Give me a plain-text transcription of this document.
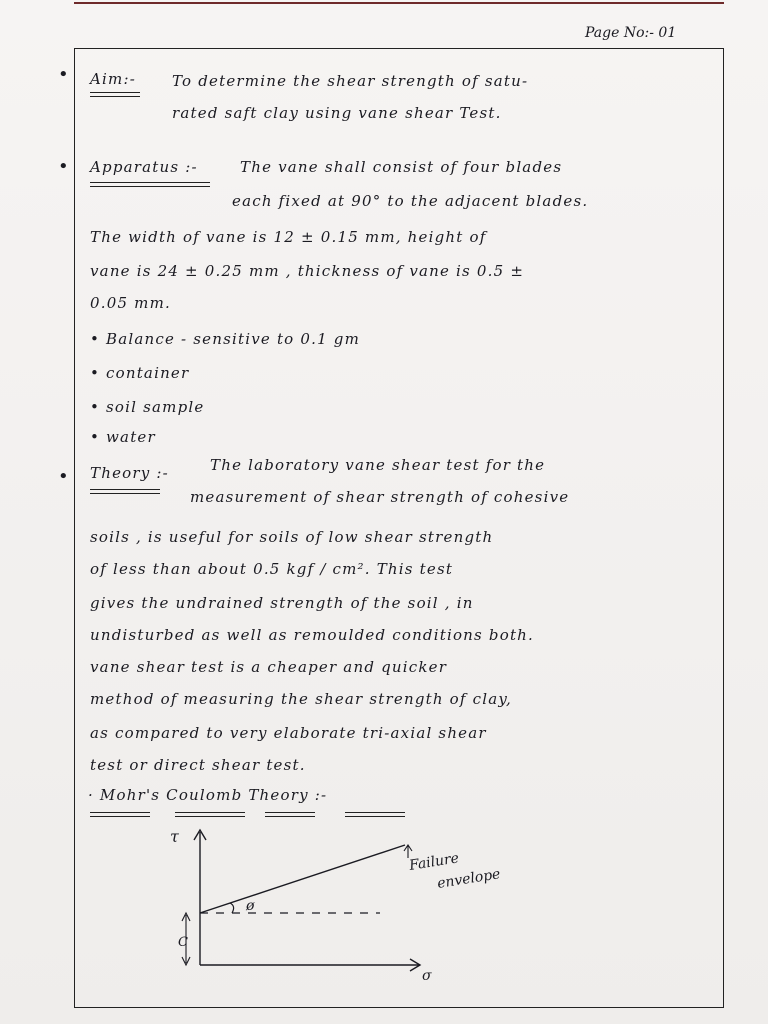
Page No:- 01
• Aim:- To determine the shear strength of satu-
rated saft clay using vane shear Test.
• Apparatus :-	The vane shall consist of four blades
each fixed at 90° to the adjacent blades.
The width of vane is 12 ± 0.15 mm, height of
vane is 24 ± 0.25 mm , thickness of vane is 0.5 ±
0.05 mm.
• Balance - sensitive to 0.1 gm
• container
• soil sample
• water
• Theory :-	The laboratory vane shear test for the
measurement of shear strength of cohesive
soils , is useful for soils of low shear strength
of less than about 0.5 kgf / cm². This test
gives the undrained strength of the soil , in
undisturbed as well as remoulded conditions both.
vane shear test is a cheaper and quicker
method of measuring the shear strength of clay,
as compared to very elaborate tri-axial shear
test or direct shear test.
· Mohr's Coulomb Theory :-
τ
σ
ø
C
Failure
envelope
